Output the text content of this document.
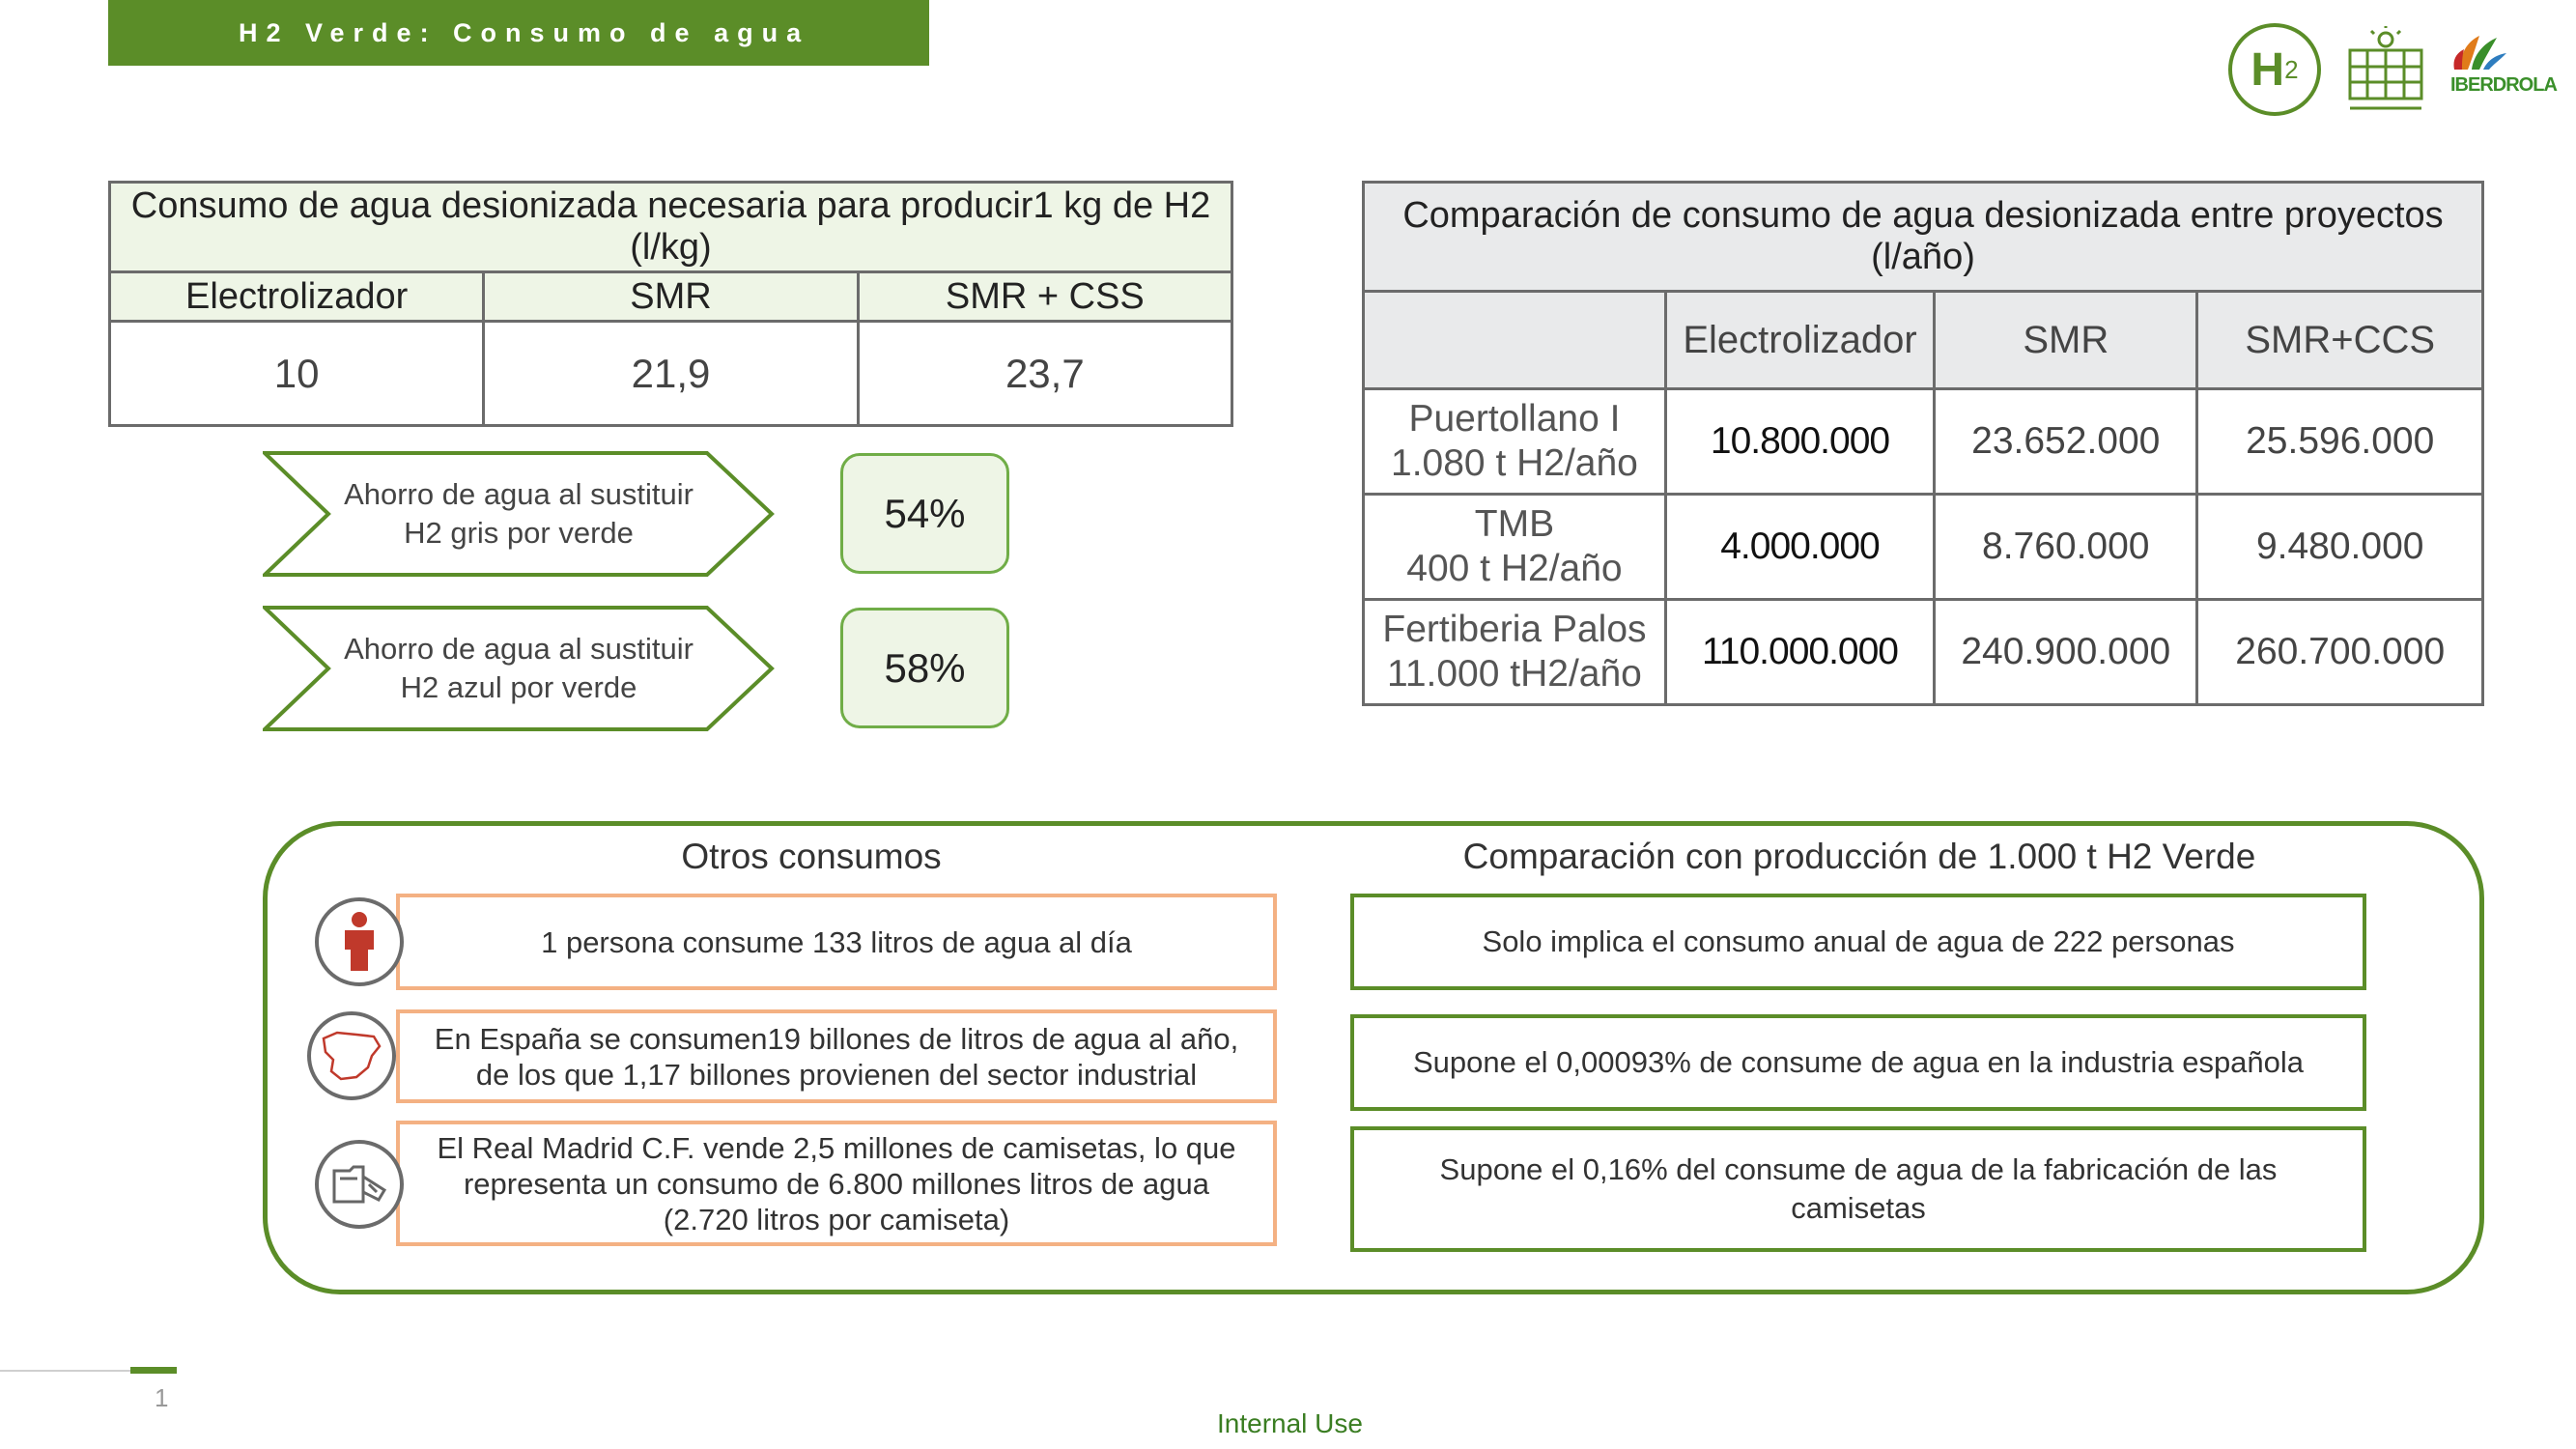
H2 Verde: Consumo de agua
H 2
IBERDROLA
Consumo de agua desionizada necesaria para producir1 kg de H2 (l/kg)		
Electrolizador	SMR	SMR + CSS
10	21,9	23,7
Ahorro de agua al sustituir H2 gris por verde	54%
Ahorro de agua al sustituir H2 azul por verde	58%
Comparación de consumo de agua desionizada entre proyectos (l/año)			
	Electrolizador	SMR	SMR+CCS

Puertollano I
1.080 t H2/año	10.800.000	23.652.000	25.596.000

TMB
400 t H2/año	4.000.000	8.760.000	9.480.000

Fertiberia Palos
11.000 tH2/año	110.000.000	240.900.000	260.700.000
Otros consumos	Comparación con producción de 1.000 t H2 Verde
1 persona consume 133 litros de agua al día
En España se consumen19 billones de litros de agua al año,
de los que 1,17 billones provienen del sector industrial
El Real Madrid C.F. vende 2,5 millones de camisetas, lo que
representa un consumo de 6.800 millones litros de agua
(2.720 litros por camiseta)
Solo implica el consumo anual de agua de 222 personas
Supone el 0,00093% de consume de agua en la industria española
Supone el 0,16% del consume de agua de la fabricación de las camisetas
1
Internal Use
